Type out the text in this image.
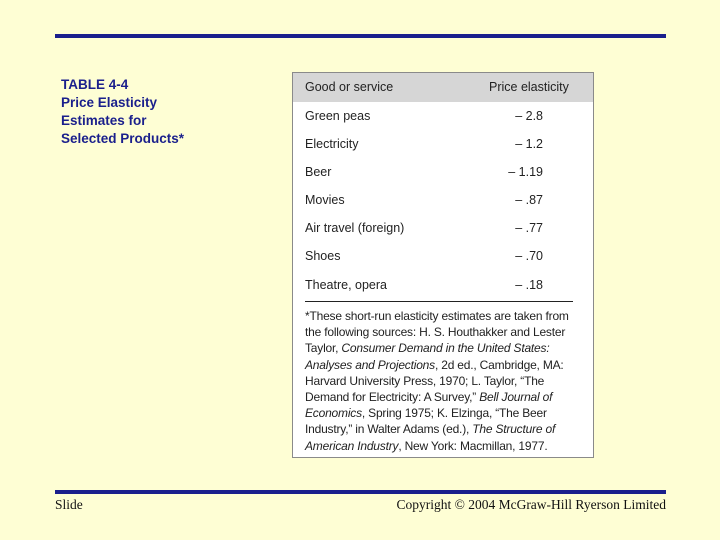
TABLE 4-4
Price Elasticity
Estimates for
Selected Products*
Good or service	Price elasticity
Green peas	– 2.8
Electricity	– 1.2
Beer	– 1.19
Movies	– .87
Air travel (foreign)	– .77
Shoes	– .70
Theatre, opera	– .18
*These short-run elasticity estimates are taken from the following sources: H. S. Houthakker and Lester Taylor, Consumer Demand in the United States: Analyses and Projections, 2d ed., Cambridge, MA: Harvard University Press, 1970; L. Taylor, “The Demand for Electricity: A Survey,” Bell Journal of Economics, Spring 1975; K. Elzinga, “The Beer Industry,” in Walter Adams (ed.), The Structure of American Industry, New York: Macmillan, 1977.
Slide	Copyright © 2004 McGraw-Hill Ryerson Limited
